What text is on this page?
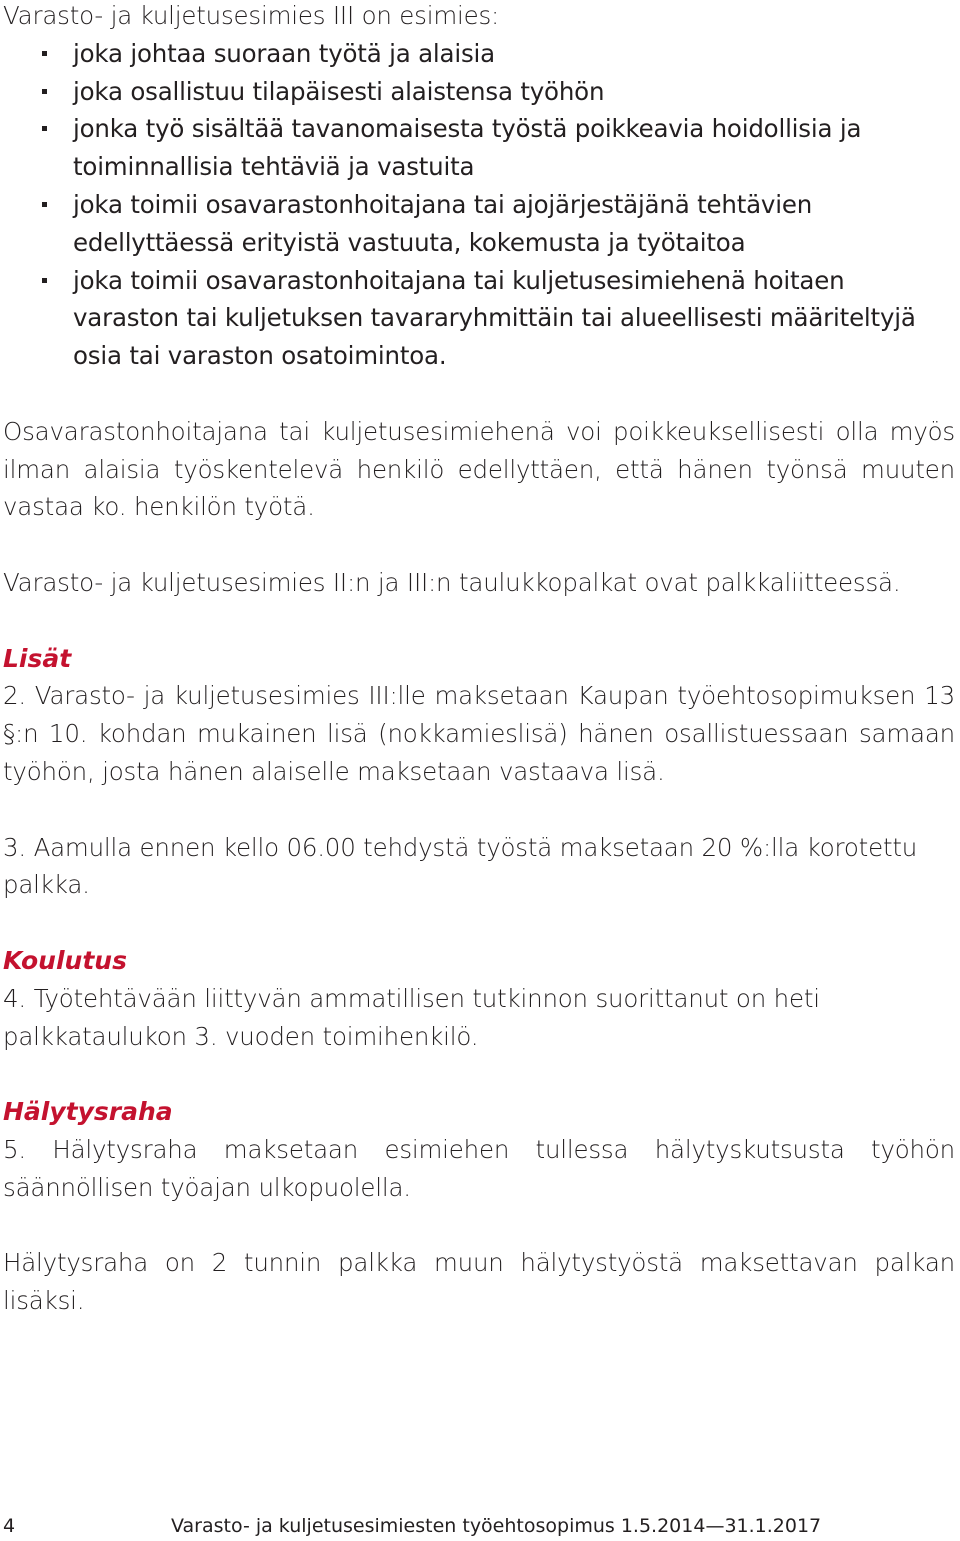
Varasto- ja kuljetusesimies III on esimies:

joka johtaa suoraan työtä ja alaisia
joka osallistuu tilapäisesti alaistensa työhön
jonka työ sisältää tavanomaisesta työstä poikkeavia hoidollisia ja toiminnallisia tehtäviä ja vastuita
joka toimii osavarastonhoitajana tai ajojärjestäjänä tehtävien edellyttäessä erityistä vastuuta, kokemusta ja työtaitoa
joka toimii osavarastonhoitajana tai kuljetusesimiehenä hoitaen varaston tai kuljetuksen tavararyhmittäin tai alueellisesti määriteltyjä osia tai varaston osatoimintoa.

Osavarastonhoitajana tai kuljetusesimiehenä voi poikkeuksellisesti olla myös ilman alaisia työskentelevä henkilö edellyttäen, että hänen työnsä muuten vastaa ko. henkilön työtä.

Varasto- ja kuljetusesimies II:n ja III:n taulukkopalkat ovat palkkaliitteessä.

Lisät

2. Varasto- ja kuljetusesimies III:lle maksetaan Kaupan työehtosopimuksen 13 §:n 10. kohdan mukainen lisä (nokkamieslisä) hänen osallistuessaan samaan työhön, josta hänen alaiselle maksetaan vastaava lisä.

3. Aamulla ennen kello 06.00 tehdystä työstä maksetaan 20 %:lla korotettu palkka.

Koulutus

4. Työtehtävään liittyvän ammatillisen tutkinnon suorittanut on heti palkkataulukon 3. vuoden toimihenkilö.

Hälytysraha

5. Hälytysraha maksetaan esimiehen tullessa hälytyskutsusta työhön säännöllisen työajan ulkopuolella.

Hälytysraha on 2 tunnin palkka muun hälytystyöstä maksettavan palkan lisäksi.

4	Varasto- ja kuljetusesimiesten työehtosopimus 1.5.2014—31.1.2017
